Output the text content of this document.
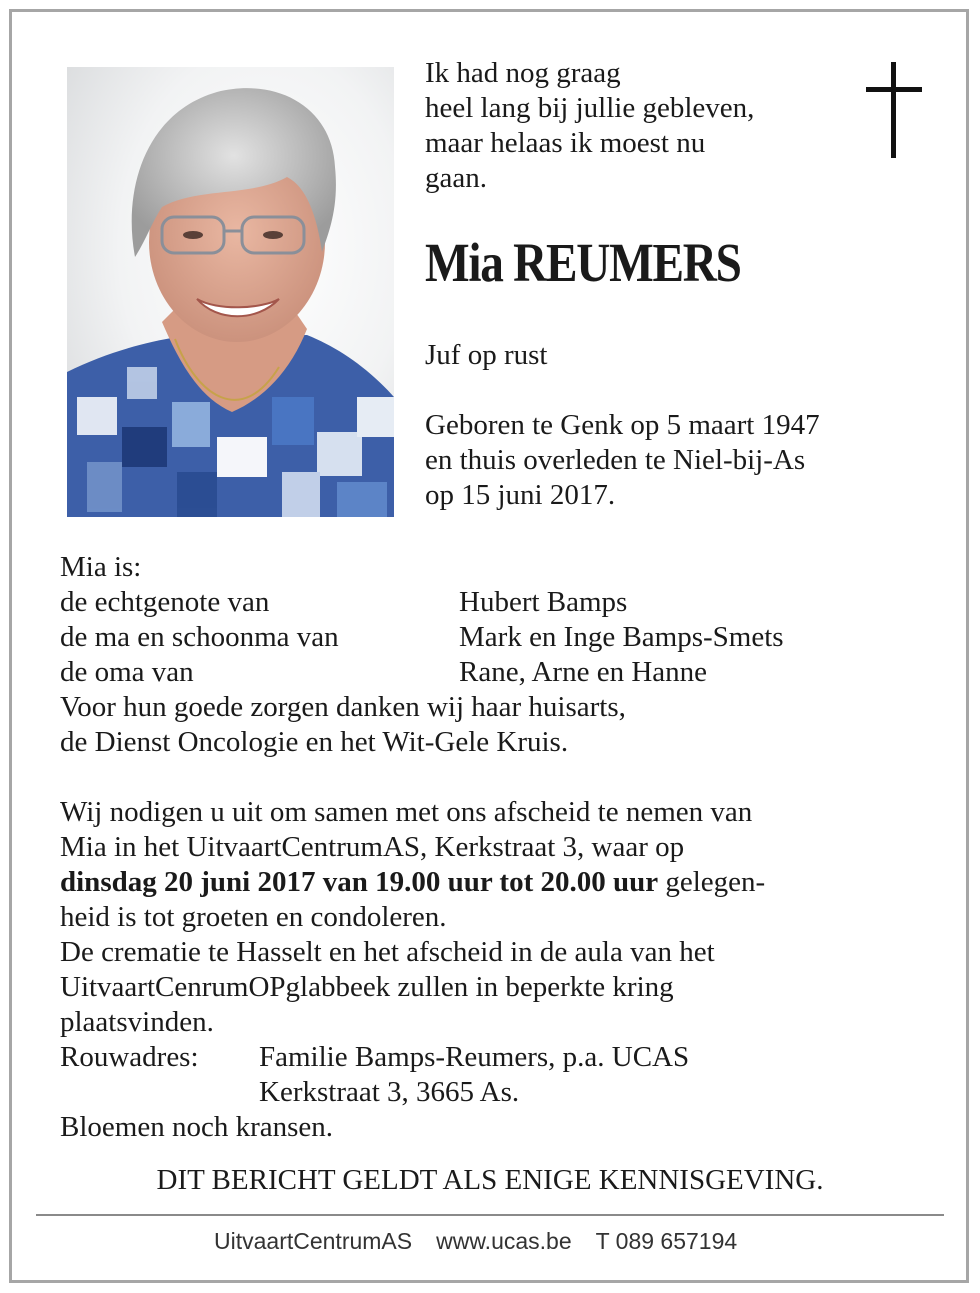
Ik had nog graag
heel lang bij jullie gebleven,
maar helaas ik moest nu
gaan.
Mia REUMERS
Juf op rust
Geboren te Genk op 5 maart 1947
en thuis overleden te Niel-bij-As
op 15 juni 2017.
Mia is:
de echtgenote van	Hubert Bamps
de ma en schoonma van	Mark en Inge Bamps-Smets
de oma van	Rane, Arne en Hanne
Voor hun goede zorgen danken wij haar huisarts,
de Dienst Oncologie en het Wit-Gele Kruis.
Wij nodigen u uit om samen met ons afscheid te nemen van
Mia in het UitvaartCentrumAS, Kerkstraat 3, waar op
dinsdag 20 juni 2017 van 19.00 uur tot 20.00 uur gelegen-
heid is tot groeten en condoleren.
De crematie te Hasselt en het afscheid in de aula van het
UitvaartCenrumOPglabbeek zullen in beperkte kring
plaatsvinden.
Rouwadres: Familie Bamps-Reumers, p.a. UCAS
Kerkstraat 3, 3665 As.
Bloemen noch kransen.
DIT BERICHT GELDT ALS ENIGE KENNISGEVING.
UitvaartCentrumAS www.ucas.be T 089 657194
